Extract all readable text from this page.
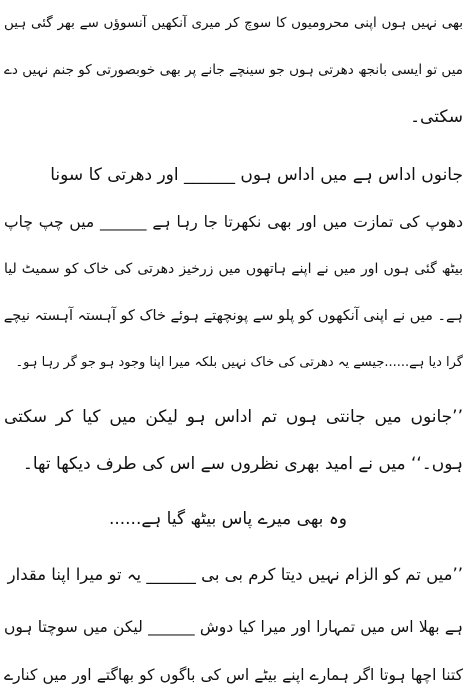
بھی نہیں ہوں اپنی محرومیوں کا سوچ کر میری آنکھیں آنسوؤں سے بھر گئی ہیں
میں تو ایسی بانجھ دھرتی ہوں جو سینچے جانے پر بھی خوبصورتی کو جنم نہیں دے
سکتی۔
جانوں اداس ہے میں اداس ہوں ______ اور دھرتی کا سونا
دھوپ کی تمازت میں اور بھی نکھرتا جا رہا ہے ______ میں چپ چاپ
بیٹھ گئی ہوں اور میں نے اپنے ہاتھوں میں زرخیز دھرتی کی خاک کو سمیٹ لیا
ہے۔ میں نے اپنی آنکھوں کو پلو سے پونچھتے ہوئے خاک کو آہستہ آہستہ نیچے
گرا دیا ہے......جیسے یہ دھرتی کی خاک نہیں بلکہ میرا اپنا وجود ہو جو گر رہا ہو۔
’’جانوں میں جانتی ہوں تم اداس ہو لیکن میں کیا کر سکتی
ہوں۔‘‘ میں نے امید بھری نظروں سے اس کی طرف دیکھا تھا۔
وہ بھی میرے پاس بیٹھ گیا ہے......
’’میں تم کو الزام نہیں دیتا کرم بی بی ______ یہ تو میرا اپنا مقدار
ہے بھلا اس میں تمہارا اور میرا کیا دوش ______ لیکن میں سوچتا ہوں
کتنا اچھا ہوتا اگر ہمارے اپنے بیٹے اس کی باگوں کو بھاگتے اور میں کنارے
